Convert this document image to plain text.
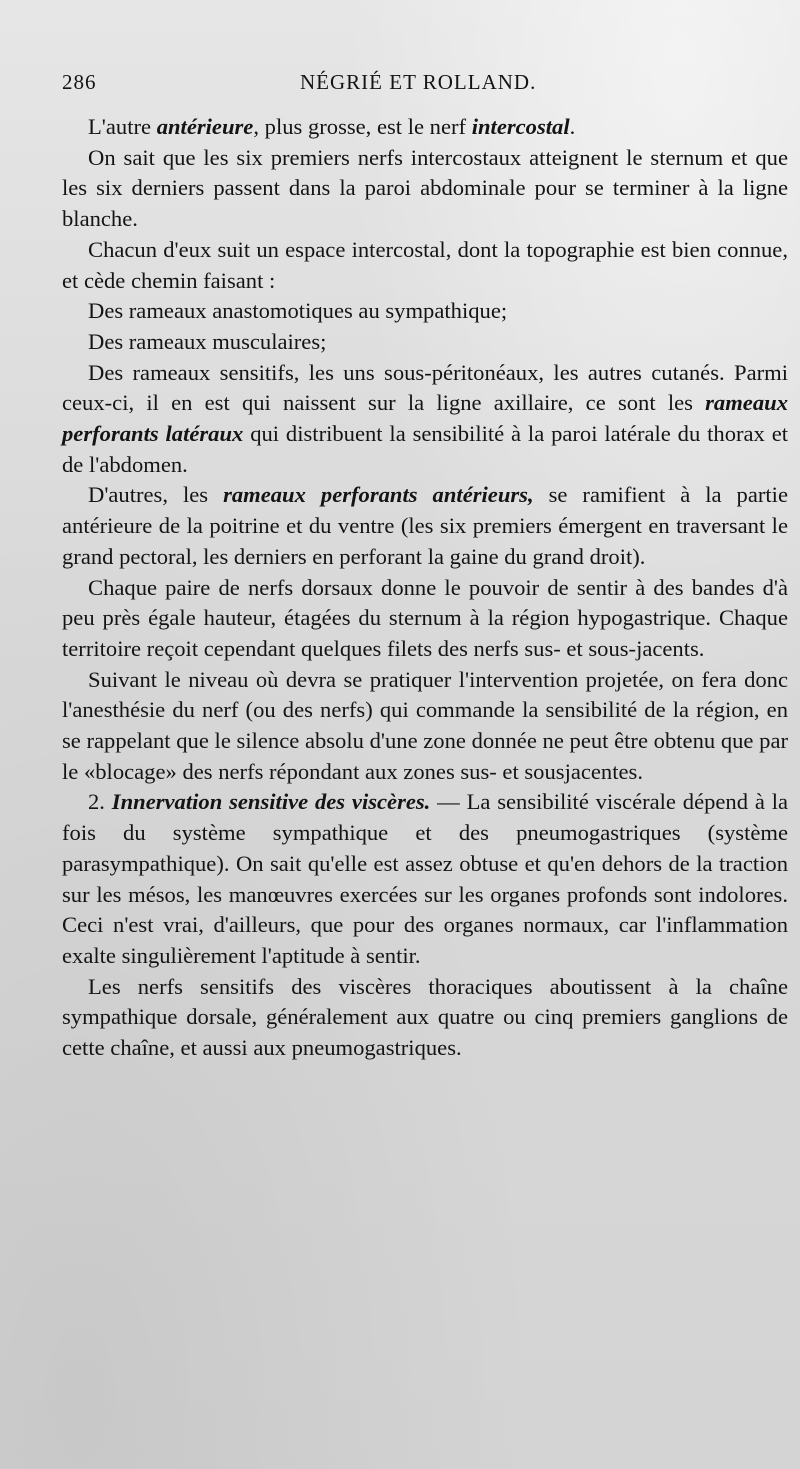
286	NÉGRIÉ ET ROLLAND.

L'autre antérieure, plus grosse, est le nerf intercostal.

On sait que les six premiers nerfs intercostaux atteignent le sternum et que les six derniers passent dans la paroi abdominale pour se terminer à la ligne blanche.

Chacun d'eux suit un espace intercostal, dont la topographie est bien connue, et cède chemin faisant :

Des rameaux anastomotiques au sympathique;

Des rameaux musculaires;

Des rameaux sensitifs, les uns sous-péritonéaux, les autres cutanés. Parmi ceux-ci, il en est qui naissent sur la ligne axillaire, ce sont les rameaux perforants latéraux qui distribuent la sensibilité à la paroi latérale du thorax et de l'abdomen.

D'autres, les rameaux perforants antérieurs, se ramifient à la partie antérieure de la poitrine et du ventre (les six premiers émergent en traversant le grand pectoral, les derniers en perforant la gaine du grand droit).

Chaque paire de nerfs dorsaux donne le pouvoir de sentir à des bandes d'à peu près égale hauteur, étagées du sternum à la région hypogastrique. Chaque territoire reçoit cependant quelques filets des nerfs sus- et sous-jacents.

Suivant le niveau où devra se pratiquer l'intervention projetée, on fera donc l'anesthésie du nerf (ou des nerfs) qui commande la sensibilité de la région, en se rappelant que le silence absolu d'une zone donnée ne peut être obtenu que par le «blocage» des nerfs répondant aux zones sus- et sousjacentes.

2. Innervation sensitive des viscères. — La sensibilité viscérale dépend à la fois du système sympathique et des pneumogastriques (système parasympathique). On sait qu'elle est assez obtuse et qu'en dehors de la traction sur les mésos, les manœuvres exercées sur les organes profonds sont indolores. Ceci n'est vrai, d'ailleurs, que pour des organes normaux, car l'inflammation exalte singulièrement l'aptitude à sentir.

Les nerfs sensitifs des viscères thoraciques aboutissent à la chaîne sympathique dorsale, généralement aux quatre ou cinq premiers ganglions de cette chaîne, et aussi aux pneumogastriques.
